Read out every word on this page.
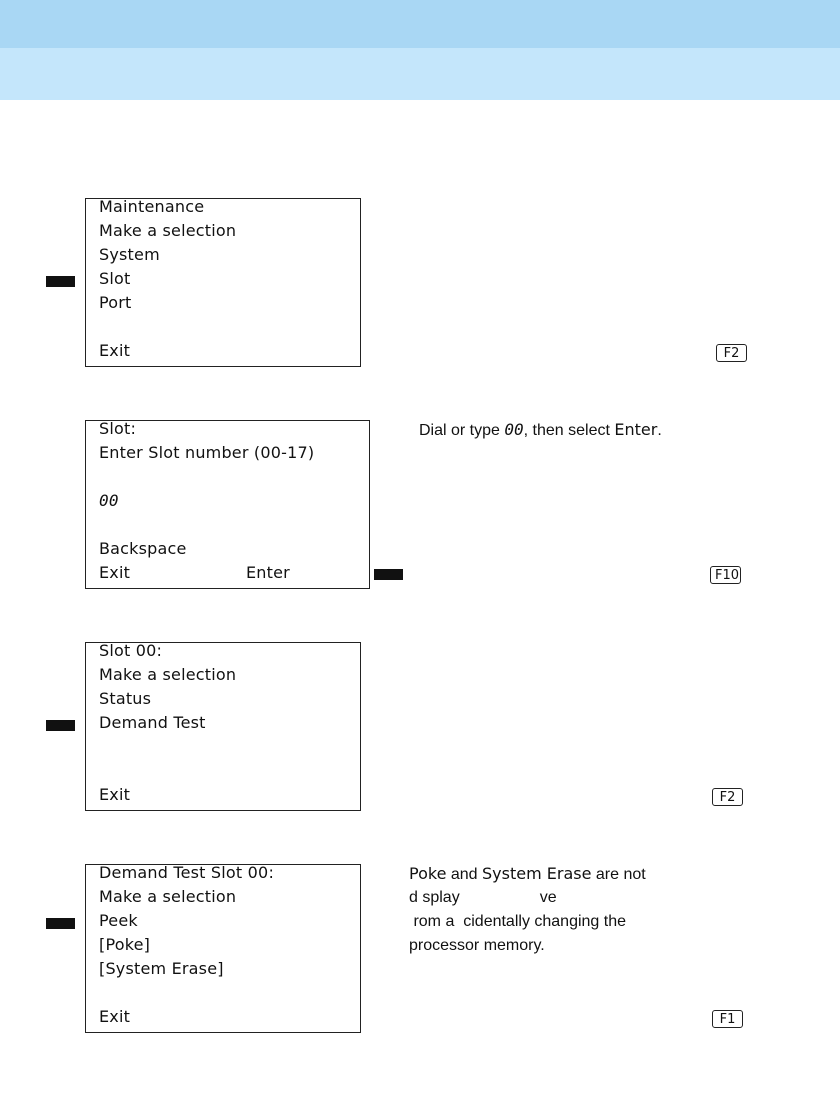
Maintenance
Make a selection
System
Slot
Port
Exit	F2
Slot:
Enter Slot number (00-17)
00
Backspace
Exit	Enter
Dial or type 00, then select Enter.
F10
Slot 00:
Make a selection
Status
Demand Test
Exit	F2
Demand Test Slot 00:
Make a selection
Peek
[Poke]
[System Erase]
Exit
Poke and System Erase are not
d splay                  ve
rom a  cidentally changing the
processor memory.
F1
